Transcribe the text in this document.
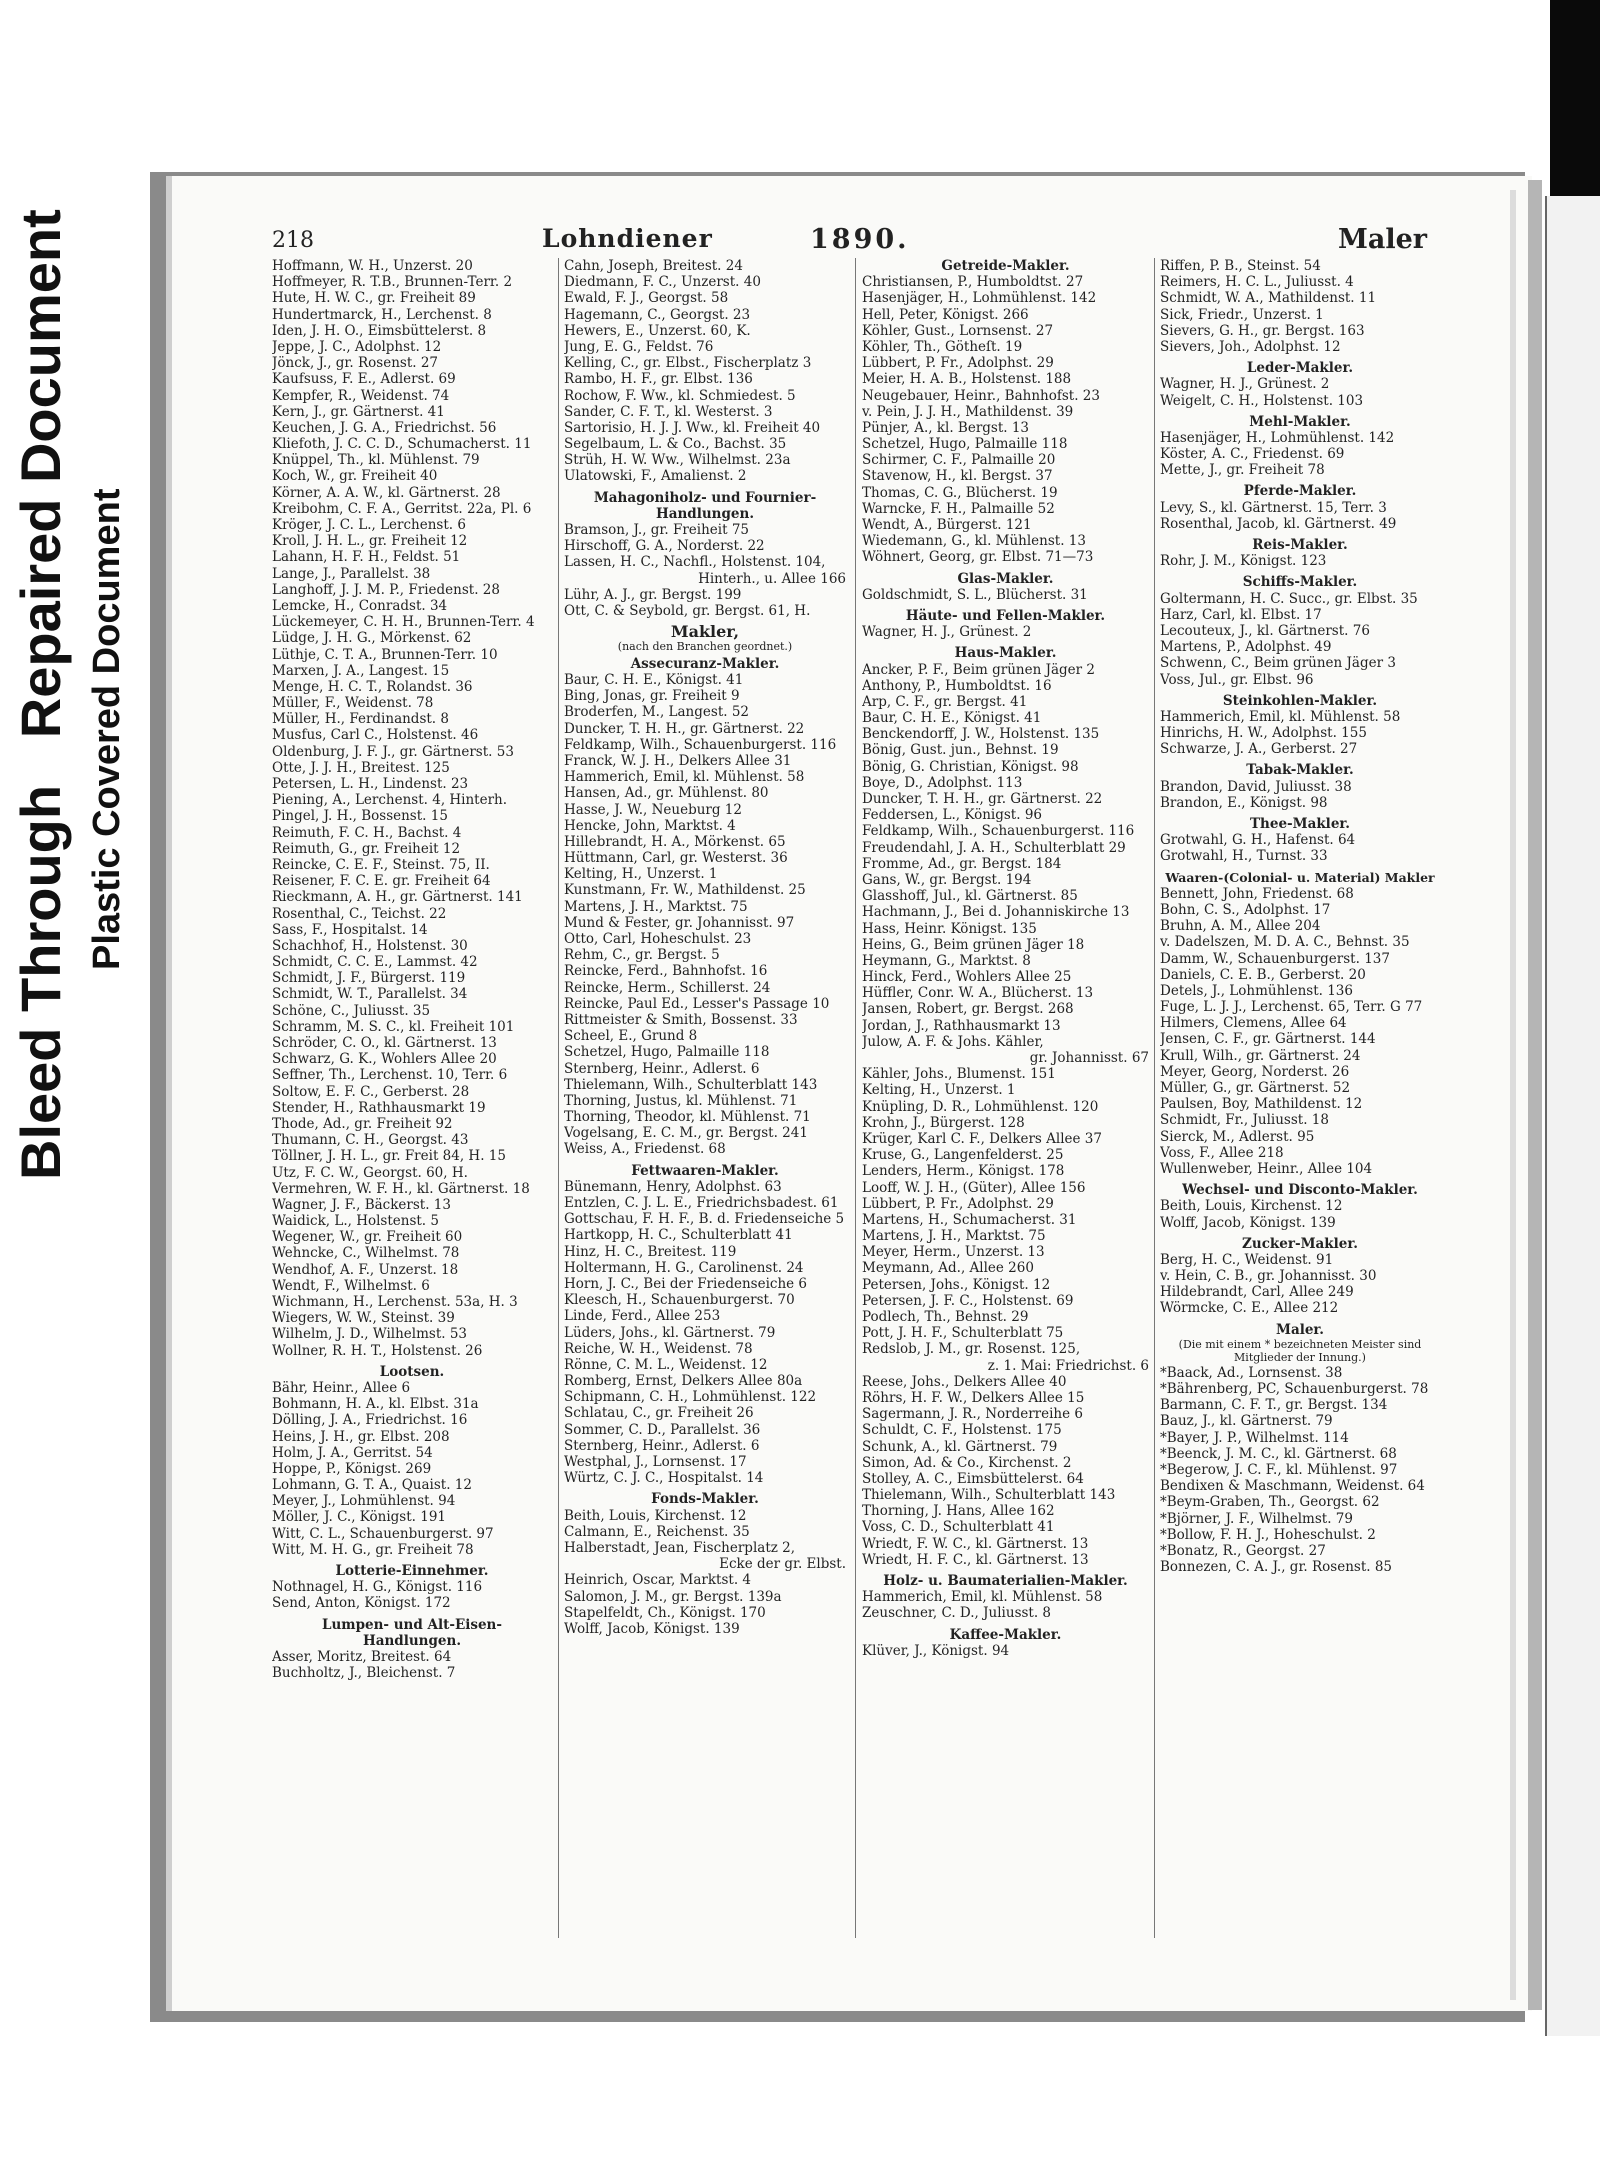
Bleed Through   Repaired Document Plastic Covered Document
218	Lohndiener	1890.	Maler
Hoffmann, W. H., Unzerst. 20
Hoffmeyer, R. T.B., Brunnen-Terr. 2
Hute, H. W. C., gr. Freiheit 89
Hundertmarck, H., Lerchenst. 8
Iden, J. H. O., Eimsbüttelerst. 8
Jeppe, J. C., Adolphst. 12
Jönck, J., gr. Rosenst. 27
Kaufsuss, F. E., Adlerst. 69
Kempfer, R., Weidenst. 74
Kern, J., gr. Gärtnerst. 41
Keuchen, J. G. A., Friedrichst. 56
Kliefoth, J. C. C. D., Schumacherst. 11
Knüppel, Th., kl. Mühlenst. 79
Koch, W., gr. Freiheit 40
Körner, A. A. W., kl. Gärtnerst. 28
Kreibohm, C. F. A., Gerritst. 22a, Pl. 6
Kröger, J. C. L., Lerchenst. 6
Kroll, J. H. L., gr. Freiheit 12
Lahann, H. F. H., Feldst. 51
Lange, J., Parallelst. 38
Langhoff, J. J. M. P., Friedenst. 28
Lemcke, H., Conradst. 34
Lückemeyer, C. H. H., Brunnen-Terr. 4
Lüdge, J. H. G., Mörkenst. 62
Lüthje, C. T. A., Brunnen-Terr. 10
Marxen, J. A., Langest. 15
Menge, H. C. T., Rolandst. 36
Müller, F., Weidenst. 78
Müller, H., Ferdinandst. 8
Musfus, Carl C., Holstenst. 46
Oldenburg, J. F. J., gr. Gärtnerst. 53
Otte, J. J. H., Breitest. 125
Petersen, L. H., Lindenst. 23
Piening, A., Lerchenst. 4, Hinterh.
Pingel, J. H., Bossenst. 15
Reimuth, F. C. H., Bachst. 4
Reimuth, G., gr. Freiheit 12
Reincke, C. E. F., Steinst. 75, II.
Reisener, F. C. E. gr. Freiheit 64
Rieckmann, A. H., gr. Gärtnerst. 141
Rosenthal, C., Teichst. 22
Sass, F., Hospitalst. 14
Schachhof, H., Holstenst. 30
Schmidt, C. C. E., Lammst. 42
Schmidt, J. F., Bürgerst. 119
Schmidt, W. T., Parallelst. 34
Schöne, C., Juliusst. 35
Schramm, M. S. C., kl. Freiheit 101
Schröder, C. O., kl. Gärtnerst. 13
Schwarz, G. K., Wohlers Allee 20
Seffner, Th., Lerchenst. 10, Terr. 6
Soltow, E. F. C., Gerberst. 28
Stender, H., Rathhausmarkt 19
Thode, Ad., gr. Freiheit 92
Thumann, C. H., Georgst. 43
Töllner, J. H. L., gr. Freit 84, H. 15
Utz, F. C. W., Georgst. 60, H.
Vermehren, W. F. H., kl. Gärtnerst. 18
Wagner, J. F., Bäckerst. 13
Waidick, L., Holstenst. 5
Wegener, W., gr. Freiheit 60
Wehncke, C., Wilhelmst. 78
Wendhof, A. F., Unzerst. 18
Wendt, F., Wilhelmst. 6
Wichmann, H., Lerchenst. 53a, H. 3
Wiegers, W. W., Steinst. 39
Wilhelm, J. D., Wilhelmst. 53
Wollner, R. H. T., Holstenst. 26
Lootsen.
Bähr, Heinr., Allee 6
Bohmann, H. A., kl. Elbst. 31a
Dölling, J. A., Friedrichst. 16
Heins, J. H., gr. Elbst. 208
Holm, J. A., Gerritst. 54
Hoppe, P., Königst. 269
Lohmann, G. T. A., Quaist. 12
Meyer, J., Lohmühlenst. 94
Möller, J. C., Königst. 191
Witt, C. L., Schauenburgerst. 97
Witt, M. H. G., gr. Freiheit 78
Lotterie-Einnehmer.
Nothnagel, H. G., Königst. 116
Send, Anton, Königst. 172
Lumpen- und Alt-Eisen-
Handlungen.
Asser, Moritz, Breitest. 64
Buchholtz, J., Bleichenst. 7
Cahn, Joseph, Breitest. 24
Diedmann, F. C., Unzerst. 40
Ewald, F. J., Georgst. 58
Hagemann, C., Georgst. 23
Hewers, E., Unzerst. 60, K.
Jung, E. G., Feldst. 76
Kelling, C., gr. Elbst., Fischerplatz 3
Rambo, H. F., gr. Elbst. 136
Rochow, F. Ww., kl. Schmiedest. 5
Sander, C. F. T., kl. Westerst. 3
Sartorisio, H. J. J. Ww., kl. Freiheit 40
Segelbaum, L. & Co., Bachst. 35
Strüh, H. W. Ww., Wilhelmst. 23a
Ulatowski, F., Amalienst. 2
Mahagoniholz- und Fournier-
Handlungen.
Bramson, J., gr. Freiheit 75
Hirschoff, G. A., Norderst. 22
Lassen, H. C., Nachfl., Holstenst. 104,
Hinterh., u. Allee 166
Lühr, A. J., gr. Bergst. 199
Ott, C. & Seybold, gr. Bergst. 61, H.
Makler,
(nach den Branchen geordnet.)
Assecuranz-Makler.
Baur, C. H. E., Königst. 41
Bing, Jonas, gr. Freiheit 9
Broderfen, M., Langest. 52
Duncker, T. H. H., gr. Gärtnerst. 22
Feldkamp, Wilh., Schauenburgerst. 116
Franck, W. J. H., Delkers Allee 31
Hammerich, Emil, kl. Mühlenst. 58
Hansen, Ad., gr. Mühlenst. 80
Hasse, J. W., Neueburg 12
Hencke, John, Marktst. 4
Hillebrandt, H. A., Mörkenst. 65
Hüttmann, Carl, gr. Westerst. 36
Kelting, H., Unzerst. 1
Kunstmann, Fr. W., Mathildenst. 25
Martens, J. H., Marktst. 75
Mund & Fester, gr. Johannisst. 97
Otto, Carl, Hoheschulst. 23
Rehm, C., gr. Bergst. 5
Reincke, Ferd., Bahnhofst. 16
Reincke, Herm., Schillerst. 24
Reincke, Paul Ed., Lesser's Passage 10
Rittmeister & Smith, Bossenst. 33
Scheel, E., Grund 8
Schetzel, Hugo, Palmaille 118
Sternberg, Heinr., Adlerst. 6
Thielemann, Wilh., Schulterblatt 143
Thorning, Justus, kl. Mühlenst. 71
Thorning, Theodor, kl. Mühlenst. 71
Vogelsang, E. C. M., gr. Bergst. 241
Weiss, A., Friedenst. 68
Fettwaaren-Makler.
Bünemann, Henry, Adolphst. 63
Entzlen, C. J. L. E., Friedrichsbadest. 61
Gottschau, F. H. F., B. d. Friedenseiche 5
Hartkopp, H. C., Schulterblatt 41
Hinz, H. C., Breitest. 119
Holtermann, H. G., Carolinenst. 24
Horn, J. C., Bei der Friedenseiche 6
Kleesch, H., Schauenburgerst. 70
Linde, Ferd., Allee 253
Lüders, Johs., kl. Gärtnerst. 79
Reiche, W. H., Weidenst. 78
Rönne, C. M. L., Weidenst. 12
Romberg, Ernst, Delkers Allee 80a
Schipmann, C. H., Lohmühlenst. 122
Schlatau, C., gr. Freiheit 26
Sommer, C. D., Parallelst. 36
Sternberg, Heinr., Adlerst. 6
Westphal, J., Lornsenst. 17
Würtz, C. J. C., Hospitalst. 14
Fonds-Makler.
Beith, Louis, Kirchenst. 12
Calmann, E., Reichenst. 35
Halberstadt, Jean, Fischerplatz 2,
Ecke der gr. Elbst.
Heinrich, Oscar, Marktst. 4
Salomon, J. M., gr. Bergst. 139a
Stapelfeldt, Ch., Königst. 170
Wolff, Jacob, Königst. 139
Getreide-Makler.
Christiansen, P., Humboldtst. 27
Hasenjäger, H., Lohmühlenst. 142
Hell, Peter, Königst. 266
Köhler, Gust., Lornsenst. 27
Köhler, Th., Götheſt. 19
Lübbert, P. Fr., Adolphst. 29
Meier, H. A. B., Holstenst. 188
Neugebauer, Heinr., Bahnhofst. 23
v. Pein, J. J. H., Mathildenst. 39
Pünjer, A., kl. Bergst. 13
Schetzel, Hugo, Palmaille 118
Schirmer, C. F., Palmaille 20
Stavenow, H., kl. Bergst. 37
Thomas, C. G., Blücherst. 19
Warncke, F. H., Palmaille 52
Wendt, A., Bürgerst. 121
Wiedemann, G., kl. Mühlenst. 13
Wöhnert, Georg, gr. Elbst. 71—73
Glas-Makler.
Goldschmidt, S. L., Blücherst. 31
Häute- und Fellen-Makler.
Wagner, H. J., Grünest. 2
Haus-Makler.
Ancker, P. F., Beim grünen Jäger 2
Anthony, P., Humboldtst. 16
Arp, C. F., gr. Bergst. 41
Baur, C. H. E., Königst. 41
Benckendorff, J. W., Holstenst. 135
Bönig, Gust. jun., Behnst. 19
Bönig, G. Christian, Königst. 98
Boye, D., Adolphst. 113
Duncker, T. H. H., gr. Gärtnerst. 22
Feddersen, L., Königst. 96
Feldkamp, Wilh., Schauenburgerst. 116
Freudendahl, J. A. H., Schulterblatt 29
Fromme, Ad., gr. Bergst. 184
Gans, W., gr. Bergst. 194
Glasshoff, Jul., kl. Gärtnerst. 85
Hachmann, J., Bei d. Johanniskirche 13
Hass, Heinr. Königst. 135
Heins, G., Beim grünen Jäger 18
Heymann, G., Marktst. 8
Hinck, Ferd., Wohlers Allee 25
Hüffler, Conr. W. A., Blücherst. 13
Jansen, Robert, gr. Bergst. 268
Jordan, J., Rathhausmarkt 13
Julow, A. F. & Johs. Kähler,
gr. Johannisst. 67
Kähler, Johs., Blumenst. 151
Kelting, H., Unzerst. 1
Knüpling, D. R., Lohmühlenst. 120
Krohn, J., Bürgerst. 128
Krüger, Karl C. F., Delkers Allee 37
Kruse, G., Langenfelderst. 25
Lenders, Herm., Königst. 178
Looff, W. J. H., (Güter), Allee 156
Lübbert, P. Fr., Adolphst. 29
Martens, H., Schumacherst. 31
Martens, J. H., Marktst. 75
Meyer, Herm., Unzerst. 13
Meymann, Ad., Allee 260
Petersen, Johs., Königst. 12
Petersen, J. F. C., Holstenst. 69
Podlech, Th., Behnst. 29
Pott, J. H. F., Schulterblatt 75
Redslob, J. M., gr. Rosenst. 125,
z. 1. Mai: Friedrichst. 6
Reese, Johs., Delkers Allee 40
Röhrs, H. F. W., Delkers Allee 15
Sagermann, J. R., Norderreihe 6
Schuldt, C. F., Holstenst. 175
Schunk, A., kl. Gärtnerst. 79
Simon, Ad. & Co., Kirchenst. 2
Stolley, A. C., Eimsbüttelerst. 64
Thielemann, Wilh., Schulterblatt 143
Thorning, J. Hans, Allee 162
Voss, C. D., Schulterblatt 41
Wriedt, F. W. C., kl. Gärtnerst. 13
Wriedt, H. F. C., kl. Gärtnerst. 13
Holz- u. Baumaterialien-Makler.
Hammerich, Emil, kl. Mühlenst. 58
Zeuschner, C. D., Juliusst. 8
Kaffee-Makler.
Klüver, J., Königst. 94
Riffen, P. B., Steinst. 54
Reimers, H. C. L., Juliusst. 4
Schmidt, W. A., Mathildenst. 11
Sick, Friedr., Unzerst. 1
Sievers, G. H., gr. Bergst. 163
Sievers, Joh., Adolphst. 12
Leder-Makler.
Wagner, H. J., Grünest. 2
Weigelt, C. H., Holstenst. 103
Mehl-Makler.
Hasenjäger, H., Lohmühlenst. 142
Köster, A. C., Friedenst. 69
Mette, J., gr. Freiheit 78
Pferde-Makler.
Levy, S., kl. Gärtnerst. 15, Terr. 3
Rosenthal, Jacob, kl. Gärtnerst. 49
Reis-Makler.
Rohr, J. M., Königst. 123
Schiffs-Makler.
Goltermann, H. C. Succ., gr. Elbst. 35
Harz, Carl, kl. Elbst. 17
Lecouteux, J., kl. Gärtnerst. 76
Martens, P., Adolphst. 49
Schwenn, C., Beim grünen Jäger 3
Voss, Jul., gr. Elbst. 96
Steinkohlen-Makler.
Hammerich, Emil, kl. Mühlenst. 58
Hinrichs, H. W., Adolphst. 155
Schwarze, J. A., Gerberst. 27
Tabak-Makler.
Brandon, David, Juliusst. 38
Brandon, E., Königst. 98
Thee-Makler.
Grotwahl, G. H., Hafenst. 64
Grotwahl, H., Turnst. 33
Waaren-(Colonial- u. Material) Makler
Bennett, John, Friedenst. 68
Bohn, C. S., Adolphst. 17
Bruhn, A. M., Allee 204
v. Dadelszen, M. D. A. C., Behnst. 35
Damm, W., Schauenburgerst. 137
Daniels, C. E. B., Gerberst. 20
Detels, J., Lohmühlenst. 136
Fuge, L. J. J., Lerchenst. 65, Terr. G 77
Hilmers, Clemens, Allee 64
Jensen, C. F., gr. Gärtnerst. 144
Krull, Wilh., gr. Gärtnerst. 24
Meyer, Georg, Norderst. 26
Müller, G., gr. Gärtnerst. 52
Paulsen, Boy, Mathildenst. 12
Schmidt, Fr., Juliusst. 18
Sierck, M., Adlerst. 95
Voss, F., Allee 218
Wullenweber, Heinr., Allee 104
Wechsel- und Disconto-Makler.
Beith, Louis, Kirchenst. 12
Wolff, Jacob, Königst. 139
Zucker-Makler.
Berg, H. C., Weidenst. 91
v. Hein, C. B., gr. Johannisst. 30
Hildebrandt, Carl, Allee 249
Wörmcke, C. E., Allee 212
Maler.
(Die mit einem * bezeichneten Meister sind Mitglieder der Innung.)
*Baack, Ad., Lornsenst. 38
*Bährenberg, PC, Schauenburgerst. 78
Barmann, C. F. T., gr. Bergst. 134
Bauz, J., kl. Gärtnerst. 79
*Bayer, J. P., Wilhelmst. 114
*Beenck, J. M. C., kl. Gärtnerst. 68
*Begerow, J. C. F., kl. Mühlenst. 97
Bendixen & Maschmann, Weidenst. 64
*Beym-Graben, Th., Georgst. 62
*Björner, J. F., Wilhelmst. 79
*Bollow, F. H. J., Hoheschulst. 2
*Bonatz, R., Georgst. 27
Bonnezen, C. A. J., gr. Rosenst. 85
